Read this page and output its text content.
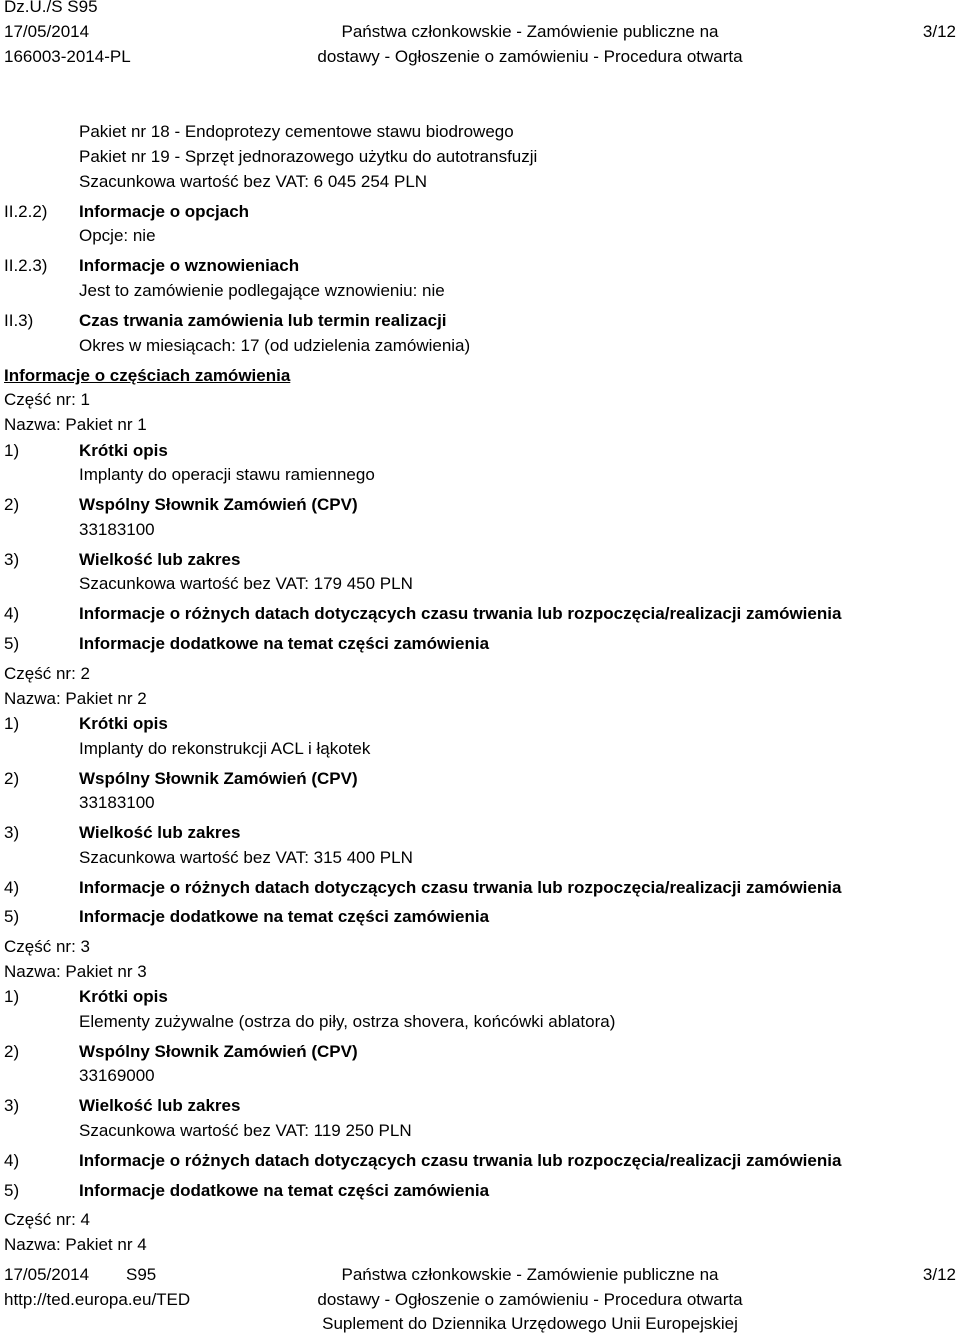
Dz.U./S S95
17/05/2014
166003-2014-PL
Państwa członkowskie - Zamówienie publiczne na
dostawy - Ogłoszenie o zamówieniu - Procedura otwarta
3/12
Pakiet nr 18 - Endoprotezy cementowe stawu biodrowego
Pakiet nr 19 - Sprzęt jednorazowego użytku do autotransfuzji
Szacunkowa wartość bez VAT: 6 045 254 PLN
II.2.2) Informacje o opcjach
Opcje: nie
II.2.3) Informacje o wznowieniach
Jest to zamówienie podlegające wznowieniu: nie
II.3)	Czas trwania zamówienia lub termin realizacji
Okres w miesiącach: 17 (od udzielenia zamówienia)
Informacje o częściach zamówienia
Część nr: 1
Nazwa: Pakiet nr 1
1)	Krótki opis
Implanty do operacji stawu ramiennego
2)	Wspólny Słownik Zamówień (CPV)
33183100
3)	Wielkość lub zakres
Szacunkowa wartość bez VAT: 179 450 PLN
4)	Informacje o różnych datach dotyczących czasu trwania lub rozpoczęcia/realizacji zamówienia
5)	Informacje dodatkowe na temat części zamówienia
Część nr: 2
Nazwa: Pakiet nr 2
1)	Krótki opis
Implanty do rekonstrukcji ACL i łąkotek
2)	Wspólny Słownik Zamówień (CPV)
33183100
3)	Wielkość lub zakres
Szacunkowa wartość bez VAT: 315 400 PLN
4)	Informacje o różnych datach dotyczących czasu trwania lub rozpoczęcia/realizacji zamówienia
5)	Informacje dodatkowe na temat części zamówienia
Część nr: 3
Nazwa: Pakiet nr 3
1)	Krótki opis
Elementy zużywalne (ostrza do piły, ostrza shovera, końcówki ablatora)
2)	Wspólny Słownik Zamówień (CPV)
33169000
3)	Wielkość lub zakres
Szacunkowa wartość bez VAT: 119 250 PLN
4)	Informacje o różnych datach dotyczących czasu trwania lub rozpoczęcia/realizacji zamówienia
5)	Informacje dodatkowe na temat części zamówienia
Część nr: 4
Nazwa: Pakiet nr 4
17/05/2014 S95
http://ted.europa.eu/TED
Państwa członkowskie - Zamówienie publiczne na
dostawy - Ogłoszenie o zamówieniu - Procedura otwarta
Suplement do Dziennika Urzędowego Unii Europejskiej
3/12
